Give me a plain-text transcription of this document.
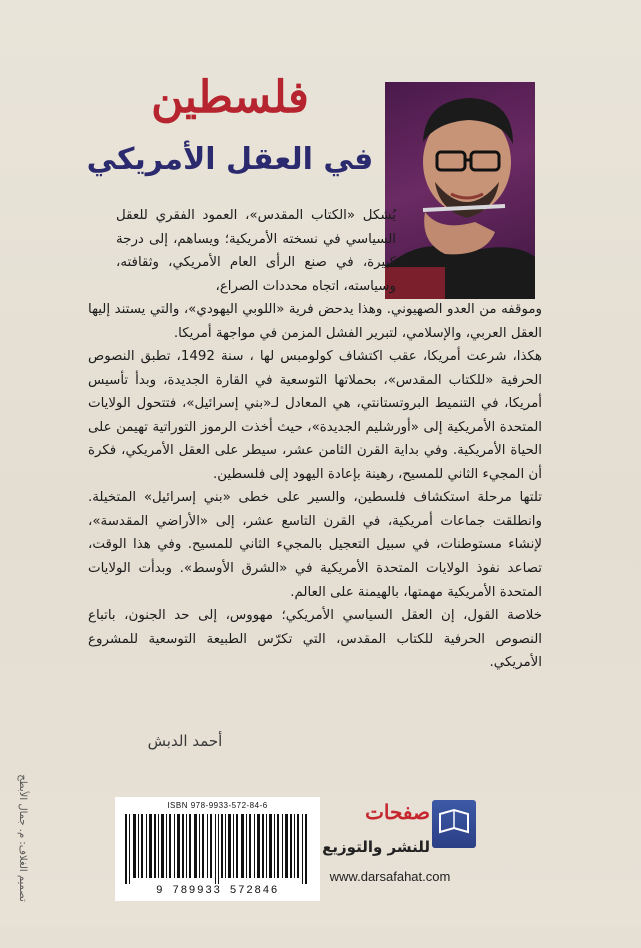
فلسطين
في العقل الأمريكي

يُشكل «الكتاب المقدس»، العمود الفقري للعقل السياسي في نسخته الأمريكية؛ ويساهم، إلى درجة كبيرة، في صنع الرأى العام الأمريكي، وثقافته، وسياسته، اتجاه محددات الصراع،

وموقفه من العدو الصهيوني. وهذا يدحض فرية «اللوبي اليهودي»، والتي يستند إليها العقل العربي، والإسلامي، لتبرير الفشل المزمن في مواجهة أمريكا.

هكذا، شرعت أمريكا، عقب اكتشاف كولومبس لها ، سنة 1492، تطبق النصوص الحرفية «للكتاب المقدس»، بحملاتها التوسعية في القارة الجديدة، وبدأ تأسيس أمريكا، في التنميط البروتستانتي، هي المعادل لـ«بني إسرائيل»، فتتحول الولايات المتحدة الأمريكية إلى «أورشليم الجديدة»، حيث أخذت الرموز التوراتية تهيمن على الحياة الأمريكية. وفي بداية القرن الثامن عشر، سيطر على العقل الأمريكي، فكرة أن المجيء الثاني للمسيح، رهينة بإعادة اليهود إلى فلسطين.

تلتها مرحلة استكشاف فلسطين، والسير على خطى «بني إسرائيل» المتخيلة. وانطلقت جماعات أمريكية، في القرن التاسع عشر، إلى «الأراضي المقدسة»، لإنشاء مستوطنات، في سبيل التعجيل بالمجيء الثاني للمسيح. وفي هذا الوقت، تصاعد نفوذ الولايات المتحدة الأمريكية في «الشرق الأوسط». وبدأت الولايات المتحدة الأمريكية مهمتها، بالهيمنة على العالم.

خلاصة القول، إن العقل السياسي الأمريكي؛ مهووس، إلى حد الجنون، باتباع النصوص الحرفية للكتاب المقدس، التي تكرّس الطبيعة التوسعية للمشروع الأمريكي.

أحمد الدبش
ISBN 978-9933-572-84-6
9 789933 572846
صفحات
للنشر والتوزيع
www.darsafahat.com
تصميم الغلاف: م. جمال الأبطح
